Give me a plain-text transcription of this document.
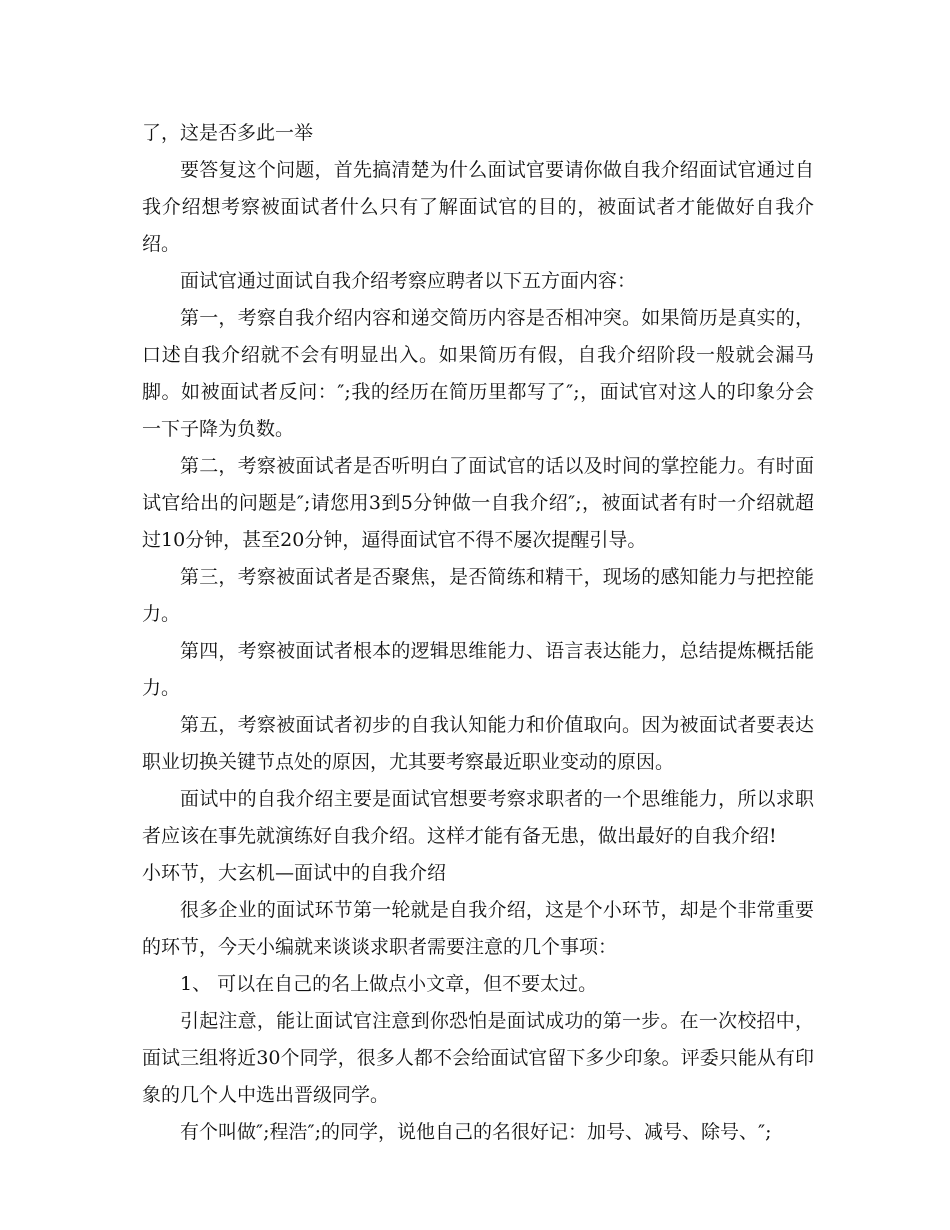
了，这是否多此一举

要答复这个问题，首先搞清楚为什么面试官要请你做自我介绍面试官通过自我介绍想考察被面试者什么只有了解面试官的目的，被面试者才能做好自我介绍。

面试官通过面试自我介绍考察应聘者以下五方面内容：

第一，考察自我介绍内容和递交简历内容是否相冲突。如果简历是真实的，口述自我介绍就不会有明显出入。如果简历有假，自我介绍阶段一般就会漏马脚。如被面试者反问：″;我的经历在简历里都写了″;，面试官对这人的印象分会一下子降为负数。

第二，考察被面试者是否听明白了面试官的话以及时间的掌控能力。有时面试官给出的问题是″;请您用3到5分钟做一自我介绍″;，被面试者有时一介绍就超过10分钟，甚至20分钟，逼得面试官不得不屡次提醒引导。

第三，考察被面试者是否聚焦，是否简练和精干，现场的感知能力与把控能力。

第四，考察被面试者根本的逻辑思维能力、语言表达能力，总结提炼概括能力。

第五，考察被面试者初步的自我认知能力和价值取向。因为被面试者要表达职业切换关键节点处的原因，尤其要考察最近职业变动的原因。

面试中的自我介绍主要是面试官想要考察求职者的一个思维能力，所以求职者应该在事先就演练好自我介绍。这样才能有备无患，做出最好的自我介绍!

小环节，大玄机—面试中的自我介绍

很多企业的面试环节第一轮就是自我介绍，这是个小环节，却是个非常重要的环节，今天小编就来谈谈求职者需要注意的几个事项：

1、 可以在自己的名上做点小文章，但不要太过。

引起注意，能让面试官注意到你恐怕是面试成功的第一步。在一次校招中，面试三组将近30个同学，很多人都不会给面试官留下多少印象。评委只能从有印象的几个人中选出晋级同学。

有个叫做″;程浩″;的同学，说他自己的名很好记：加号、减号、除号、″;
